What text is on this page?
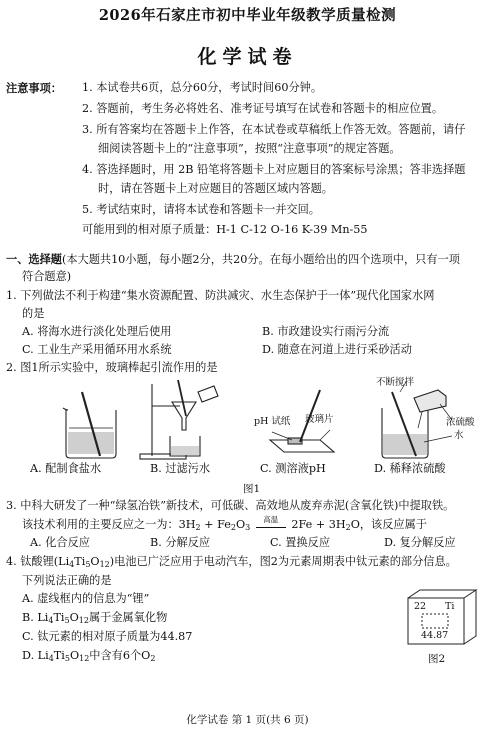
2026年石家庄市初中毕业年级教学质量检测
化学试卷
注意事项： 1. 本试卷共6页，总分60分，考试时间60分钟。
2. 答题前，考生务必将姓名、准考证号填写在试卷和答题卡的相应位置。
3. 所有答案均在答题卡上作答，在本试卷或草稿纸上作答无效。答题前，请仔
细阅读答题卡上的“注意事项”，按照“注意事项”的规定答题。
4. 答选择题时，用 2B 铅笔将答题卡上对应题目的答案标号涂黑；答非选择题
时，请在答题卡上对应题目的答题区域内答题。
5. 考试结束时，请将本试卷和答题卡一并交回。
可能用到的相对原子质量：H-1 C-12 O-16 K-39 Mn-55
一、选择题(本大题共10小题，每小题2分，共20分。在每小题给出的四个选项中，只有一项
符合题意)
1. 下列做法不利于构建“集水资源配置、防洪减灾、水生态保护于一体”现代化国家水网
的是
A. 将海水进行淡化处理后使用	B. 市政建设实行雨污分流
C. 工业生产采用循环用水系统	D. 随意在河道上进行采砂活动
2. 图1所示实验中，玻璃棒起引流作用的是
不断搅拌
pH 试纸 玻璃片	浓硫酸
水
A. 配制食盐水	B. 过滤污水	C. 测溶液pH	D. 稀释浓硫酸
图1
3. 中科大研发了一种“绿氢冶铁”新技术，可低碳、高效地从废弃赤泥(含氧化铁)中提取铁。
该技术利用的主要反应之一为：$3H_2 + Fe_2O_3$
高温 $2Fe + 3H_2O$，该反应属于
A. 化合反应	B. 分解反应	C. 置换反应	D. 复分解反应
4. 钛酸锂$(Li_4Ti_5O_{12})$电池已广泛应用于电动汽车，图2为元素周期表中钛元素的部分信息。
下列说法正确的是
A. 虚线框内的信息为“锂”
B. $Li_4Ti_5O_{12}$属于金属氧化物
C. 钛元素的相对原子质量为44.87
D. $Li_4Ti_5O_{12}$中含有6个$O_2$
22 Ti
44.87
图2
化学试卷 第 1 页(共 6 页)
